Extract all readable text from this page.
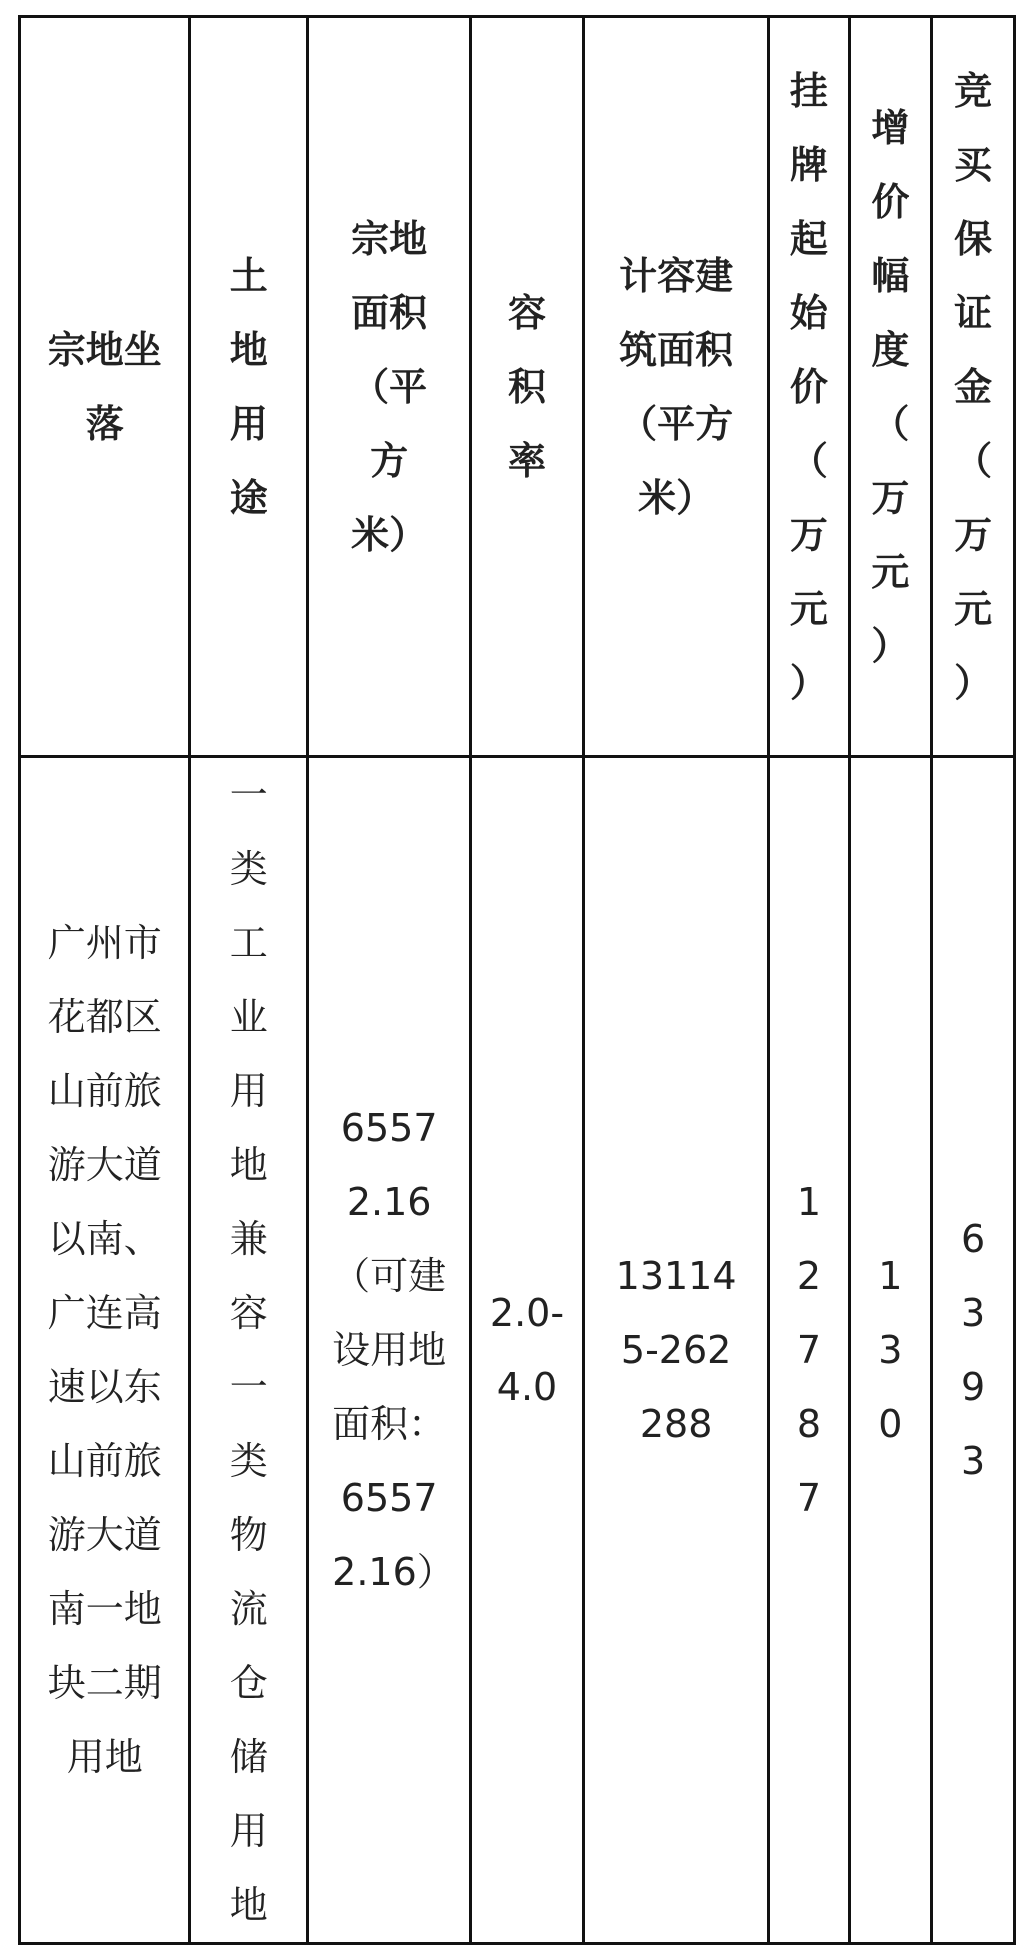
宗地坐落	土地用途	宗地面积（平方米）	容积率	计容建筑面积（平方米）	挂牌起始价（万元）	增价幅度（万元）	竞买 保证金（万元）

广州市花都区山前旅游大道以南、广连高速以东山前旅游大道南一地块二期用地	一类工业用地兼容一类物流仓储用地	65572.16（可建设用地面积：65572.16）	2.0-4.0	131145-262288	12787	130	6393
